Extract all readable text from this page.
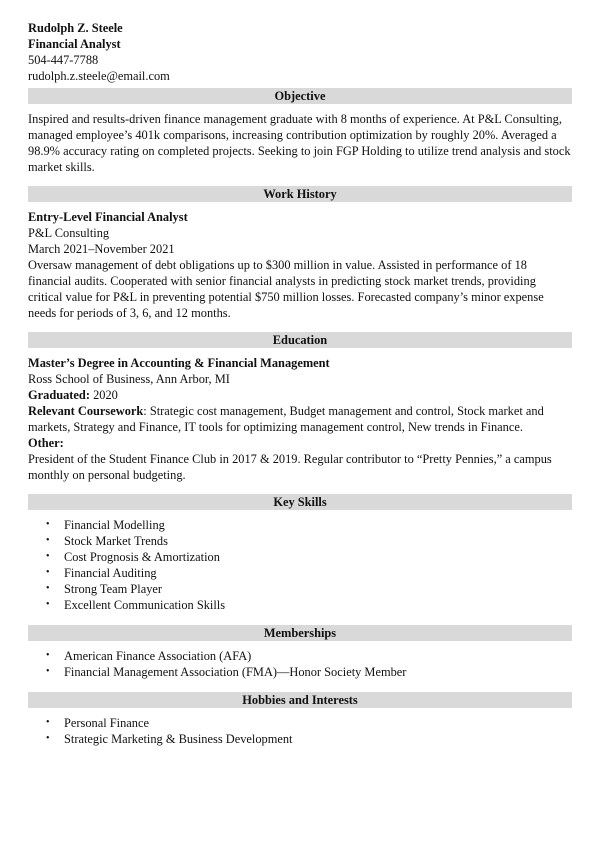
Rudolph Z. Steele
Financial Analyst
504-447-7788
rudolph.z.steele@email.com
Objective

Inspired and results-driven finance management graduate with 8 months of experience. At P&L Consulting, managed employee’s 401k comparisons, increasing contribution optimization by roughly 20%. Averaged a 98.9% accuracy rating on completed projects. Seeking to join FGP Holding to utilize trend analysis and stock market skills.

Work History

Entry-Level Financial Analyst

P&L Consulting

March 2021–November 2021

Oversaw management of debt obligations up to $300 million in value. Assisted in performance of 18 financial audits. Cooperated with senior financial analysts in predicting stock market trends, providing critical value for P&L in preventing potential $750 million losses. Forecasted company’s minor expense needs for periods of 3, 6, and 12 months.

Education

Master’s Degree in Accounting & Financial Management

Ross School of Business, Ann Arbor, MI

Graduated: 2020

Relevant Coursework: Strategic cost management, Budget management and control, Stock market and markets, Strategy and Finance, IT tools for optimizing management control, New trends in Finance.

Other:

President of the Student Finance Club in 2017 & 2019. Regular contributor to “Pretty Pennies,” a campus monthly on personal budgeting.

Key Skills
• Financial Modelling
• Stock Market Trends
• Cost Prognosis & Amortization
• Financial Auditing
• Strong Team Player
• Excellent Communication Skills
Memberships
• American Finance Association (AFA)
• Financial Management Association (FMA)—Honor Society Member
Hobbies and Interests
• Personal Finance
• Strategic Marketing & Business Development
